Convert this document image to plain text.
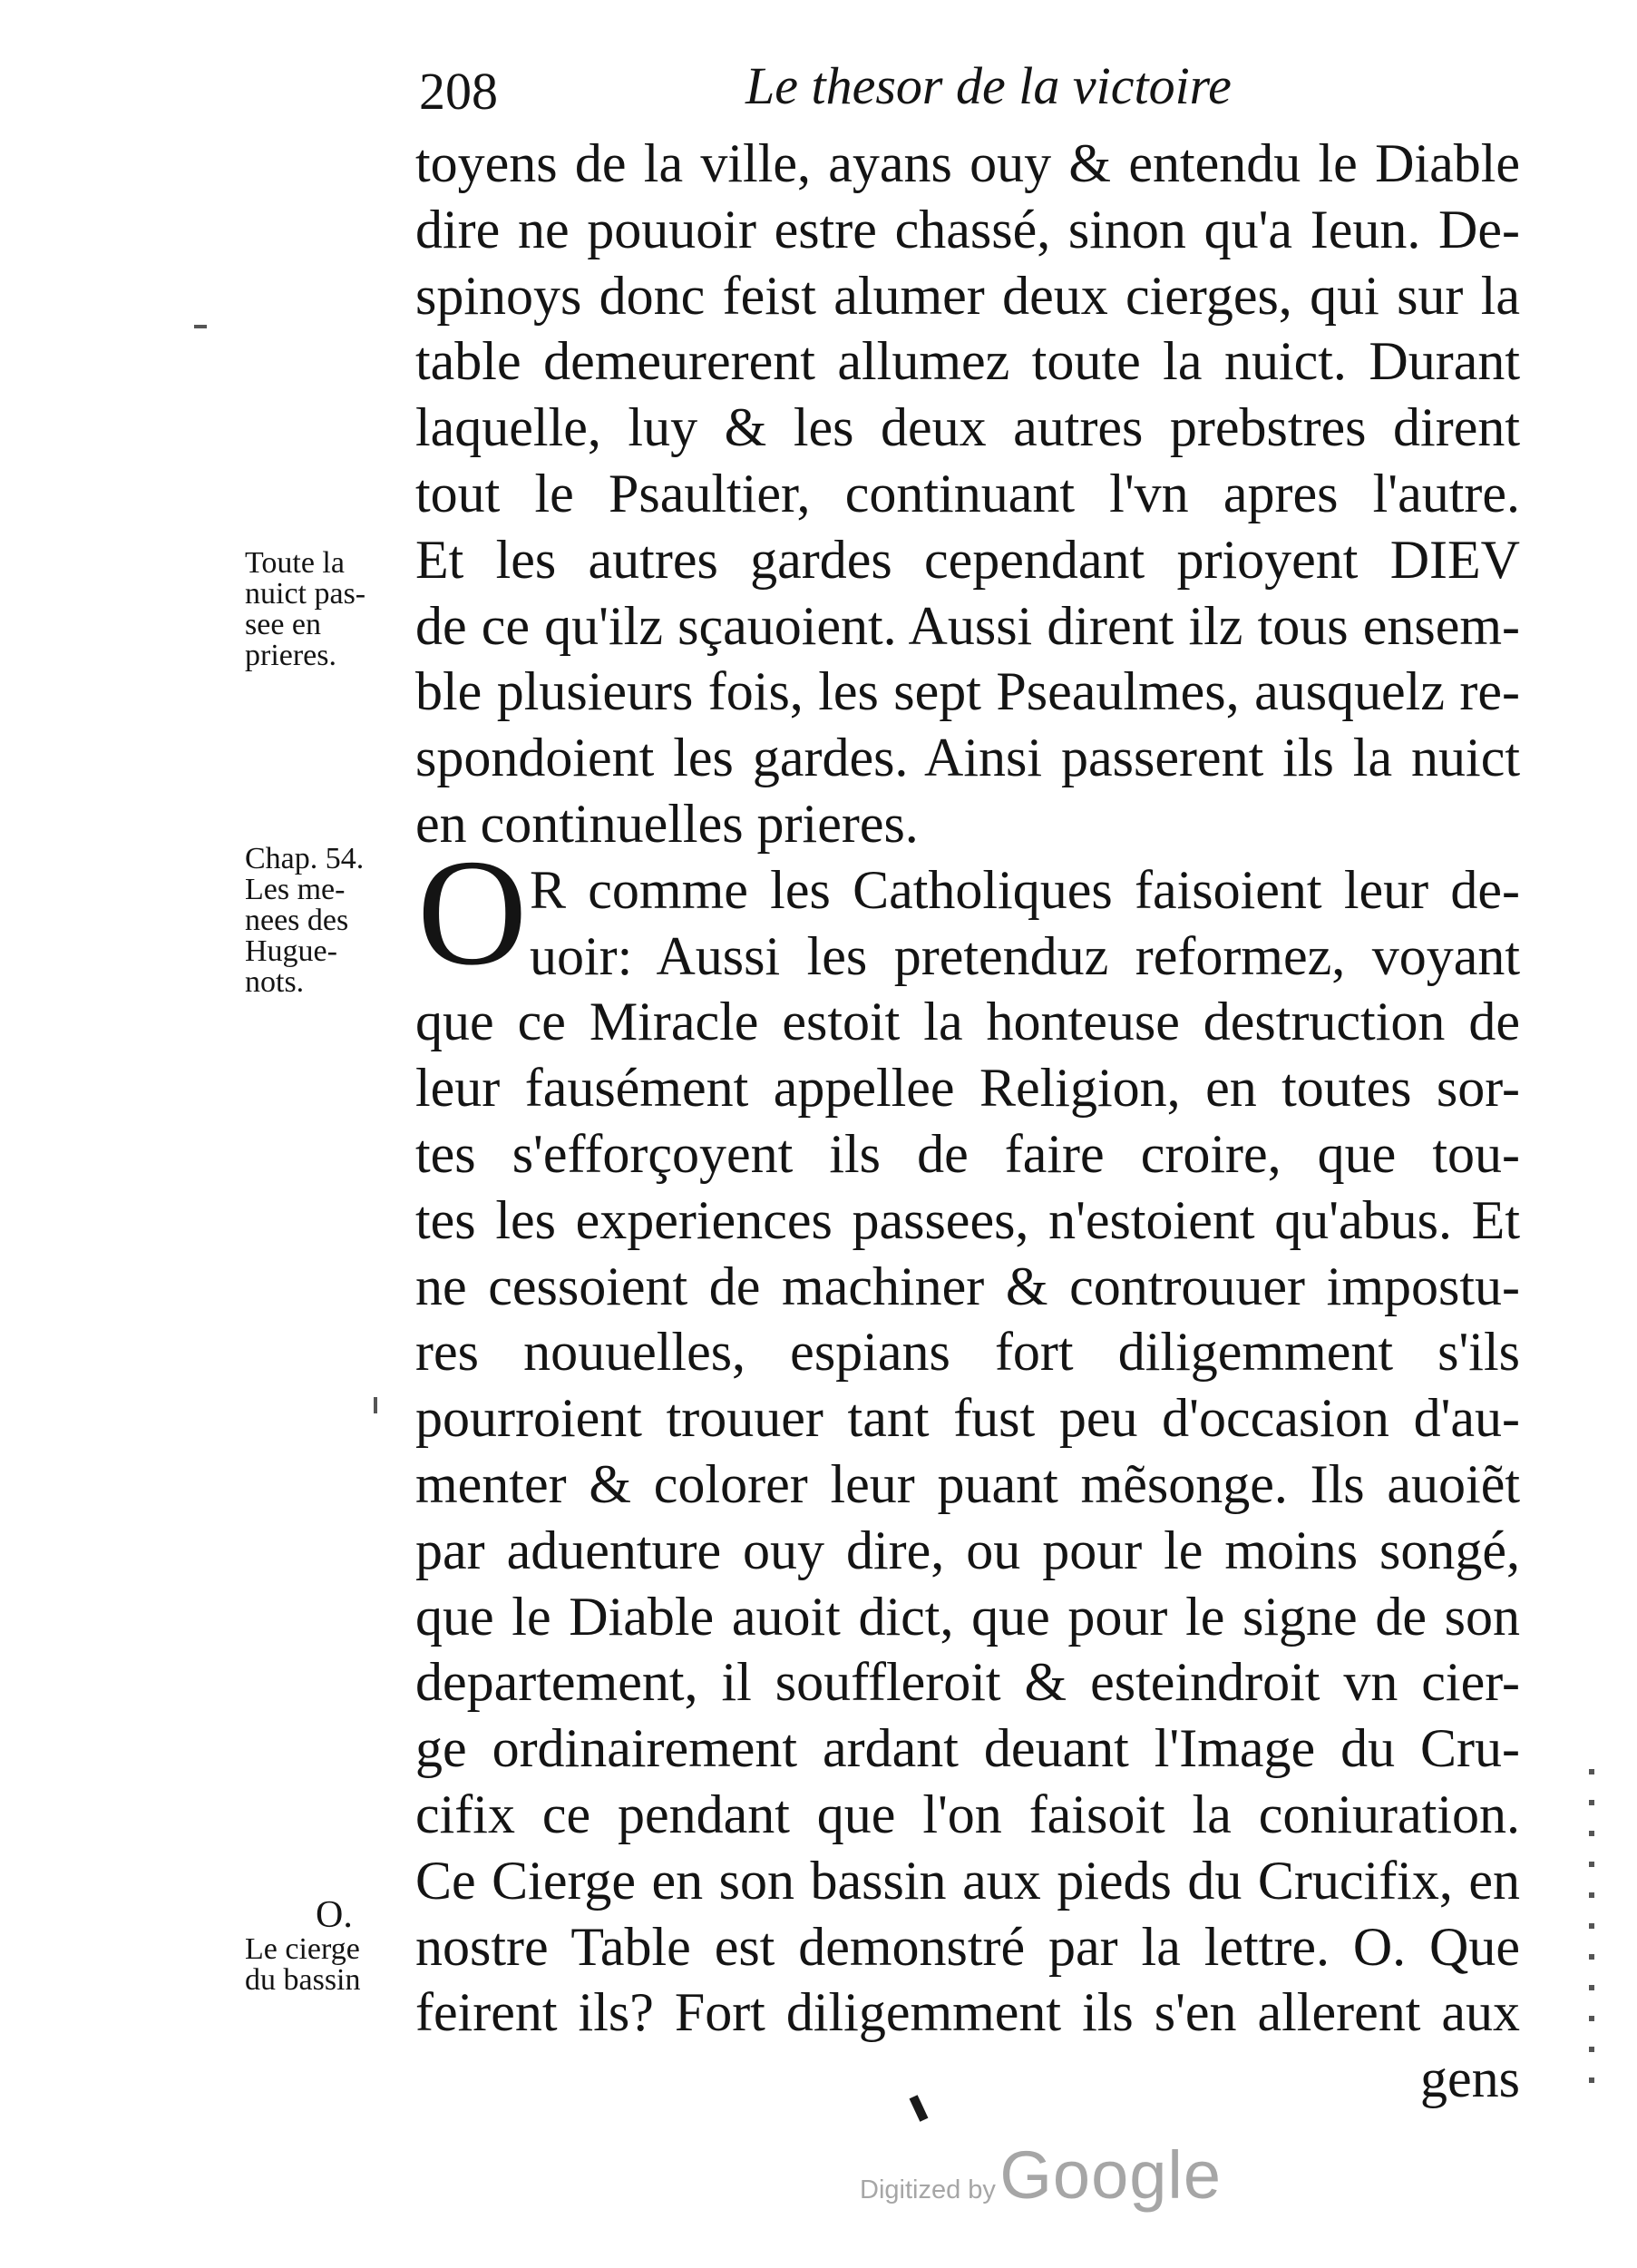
208	Le thesor de la victoire
Toute la
nuict pas-
see en
prieres.
Chap. 54.
Les me-
nees des
Hugue-
nots.
O.
Le cierge
du bassin
O
toyens de la ville, ayans ouy & entendu le Diable
dire ne pouuoir estre chassé, sinon qu'a Ieun. De-
spinoys donc feist alumer deux cierges, qui sur la
table demeurerent allumez toute la nuict. Durant
laquelle, luy & les deux autres prebstres dirent
tout le Psaultier, continuant l'vn apres l'autre.
Et les autres gardes cependant prioyent DIEV
de ce qu'ilz sçauoient. Aussi dirent ilz tous ensem-
ble plusieurs fois, les sept Pseaulmes, ausquelz re-
spondoient les gardes. Ainsi passerent ils la nuict
en continuelles prieres.
R comme les Catholiques faisoient leur de-
uoir: Aussi les pretenduz reformez, voyant
que ce Miracle estoit la honteuse destruction de
leur fausément appellee Religion, en toutes sor-
tes s'efforçoyent ils de faire croire, que tou-
tes les experiences passees, n'estoient qu'abus. Et
ne cessoient de machiner & controuuer impostu-
res nouuelles, espians fort diligemment s'ils
pourroient trouuer tant fust peu d'occasion d'au-
menter & colorer leur puant mẽsonge. Ils auoiẽt
par aduenture ouy dire, ou pour le moins songé,
que le Diable auoit dict, que pour le signe de son
departement, il souffleroit & esteindroit vn cier-
ge ordinairement ardant deuant l'Image du Cru-
cifix ce pendant que l'on faisoit la coniuration.
Ce Cierge en son bassin aux pieds du Crucifix, en
nostre Table est demonstré par la lettre. O. Que
feirent ils? Fort diligemment ils s'en allerent aux
gens
Digitized by Google
